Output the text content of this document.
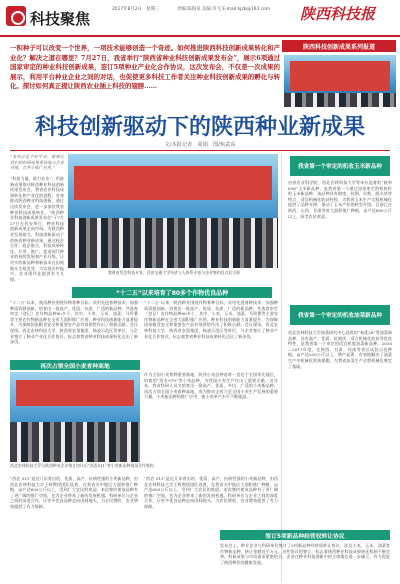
科技聚焦
2017年8月2日　星期三　　　　责编:陈海泉 美编:李飞 E-mail:kjzb@163.com 陕西科技报
陕西科技创新成果系列报道
一积种子可以改变一个世界，一项技术能够创造一个奇迹。如何推进陕西科技创新成果转化和产业化？解决之道在哪里？7月27日，我省举行“陕西省种业科技创新成果发布会”，展示6项通过国家审定的种业科技创新成果，签订5项种业产业化合作协议，这次发布会，不仅是一次成果的展示，利用平台种业企业之间的对话，也促使更多科技工作者关注种业科技创新成果的孵化与转化。探讨如何真正提让陕西农业插上科技的翅膀……
科技创新驱动下的陕西种业新成果
文/本报记者　周娟　图/焦武高
“发布会是个好平台，能够让我们的科研成果更快地与企业对接，有利于推广应用，”
“科技力量，助力农业”。用最新成果推动陕西种业科技创新成果发布会，我省农业科技成果转化和产业化的进程，有效推动陕西种业科技创新，通过这次发布会，进一步加快我省种业科技成果转化，“陕西种业科技创新成果发布会”于7月27日在西安举行。种业科技创新成果走向市场，为陕西种业发展助力。科技创新驱动下的陕西种业新成果，通过校企合作、政企联合，科技成果转化、应用、推广，促进现代种业的持续发展和产业升级，让更多的新品种和新技术在田间地头生根发芽，为实现乡村振兴、农业现代化提供有力支撑。
我省首发会科技专家、西安交通大学经济与人体系专家与企业签约仪式后合影
“十二五”以来培育了80多个作物优良品种
“十二五”以来，陕西种业围绕作物育种目标，采用先进育种技术，加强种质资源创新，培育出一批高产、优质、抗逆、广适的新品种，共选育审定（登记）农作物品种80多个，其中，小麦、玉米、油菜、马铃薯等主要农作物新品种在全省大面积推广应用，种业科技创新能力显著提升，为保障国家粮食安全和重要农产品有效供给作出了积极贡献。会议现场，西北农林科技大学、陕西省农垦集团、杨凌示范区等单位，与企业签订了种业产业化合作协议，标志着我省种业科技成果转化迈出了新步伐。
“十二五”以来，陕西种业围绕作物育种目标，采用先进育种技术，加强种质资源创新，培育出一批高产、优质、抗逆、广适的新品种，共选育审定（登记）农作物品种80多个，其中，小麦、玉米、油菜、马铃薯等主要农作物新品种在全省大面积推广应用，种业科技创新能力显著提升，为保障国家粮食安全和重要农产品有效供给作出了积极贡献。会议现场，西北农林科技大学、陕西省农垦集团、杨凌示范区等单位，与企业签订了种业产业化合作协议，标志着我省种业科技成果转化迈出了新步伐。
再次占领全国小麦育种高地
西北农林科技大学与陕西种业企业签订协议后“西农511”等小麦新品种现场合作签约
作为全国小麦育种重要基地，陕西小麦品种选育一直处于全国领先地位，培育的“西农979”等小麦品种，为我国小麦生产作出了重要贡献。近年来，我省科研人员又培育出一批高产、优质、多抗、广适的小麦新品种，再次占领全国小麦育种高地，成为推动全省乃至全国小麦生产发展的重要力量，小麦新品种的推广应用，使小麦单产水平不断提高。
“西农 511”是近几年育出的、优质、高产、抗病性强的小麦新品种，由西北农林科技大学王辉教授团队选育，在我省关中地区大面积推广种植，亩产达600公斤以上，受到广大农民的欢迎。本次签约使该品种有了更广阔的推广空间，也为企业带来了新的发展机遇。科研单位与企业之间的深度合作，让更多优良品种走向田间地头，为农民增收、农业增效提供了有力保障。
“西农 511”是近几年育出的、优质、高产、抗病性强的小麦新品种，由西北农林科技大学王辉教授团队选育，在我省关中地区大面积推广种植，亩产达600公斤以上，受到广大农民的欢迎。本次签约使该品种有了更广阔的推广空间，也为企业带来了新的发展机遇。科研单位与企业之间的深度合作，让更多优良品种走向田间地头，为农民增收、农业增效提供了有力保障。
我省第一个审定的机收玉米新品种
由省农业科学院、西北农林科技大学等单位选育的“陕单636”玉米新品种，是我省第一个通过国家审定的机收籽粒玉米新品种。该品种具有耐密、抗倒、早熟、脱水快等特点，适宜机械化收获籽粒，为我省玉米生产全程机械化提供了品种支撑，推动了玉米产业的转型升级，目前已在陕西、山西、甘肃等省大面积推广种植，亩产达800公斤以上，深受农民欢迎。
我省第一个审定的机收油菜新品种
西北农林科技大学油菜研究中心选育的“秦优28”等油菜新品种，具有高产、优质、抗倒伏、适合机械化收获等优良特性，是我省第一个审定的适宜机收油菜新品种。2016—2017年度，在陕西、甘肃、河南等省区试验示范种植，亩产达200公斤以上，增产显著，有效地解决了油菜生产中机械化收获难题，为我省油菜生产全程机械化奠定了基础。
签订5项新品种经营权转让协议
发布会上，种业企业与科研单位签订了5项新品种经营权转让协议，涉及小麦、玉米、油菜等作物新品种，转让金额近千万元。这些协议的签订，标志着陕西种业科技成果转化机制不断完善，科研成果与市场需求紧密结合，企业在种业科技创新中的主体地位进一步确立，有力促进了陕西种业的健康发展。
